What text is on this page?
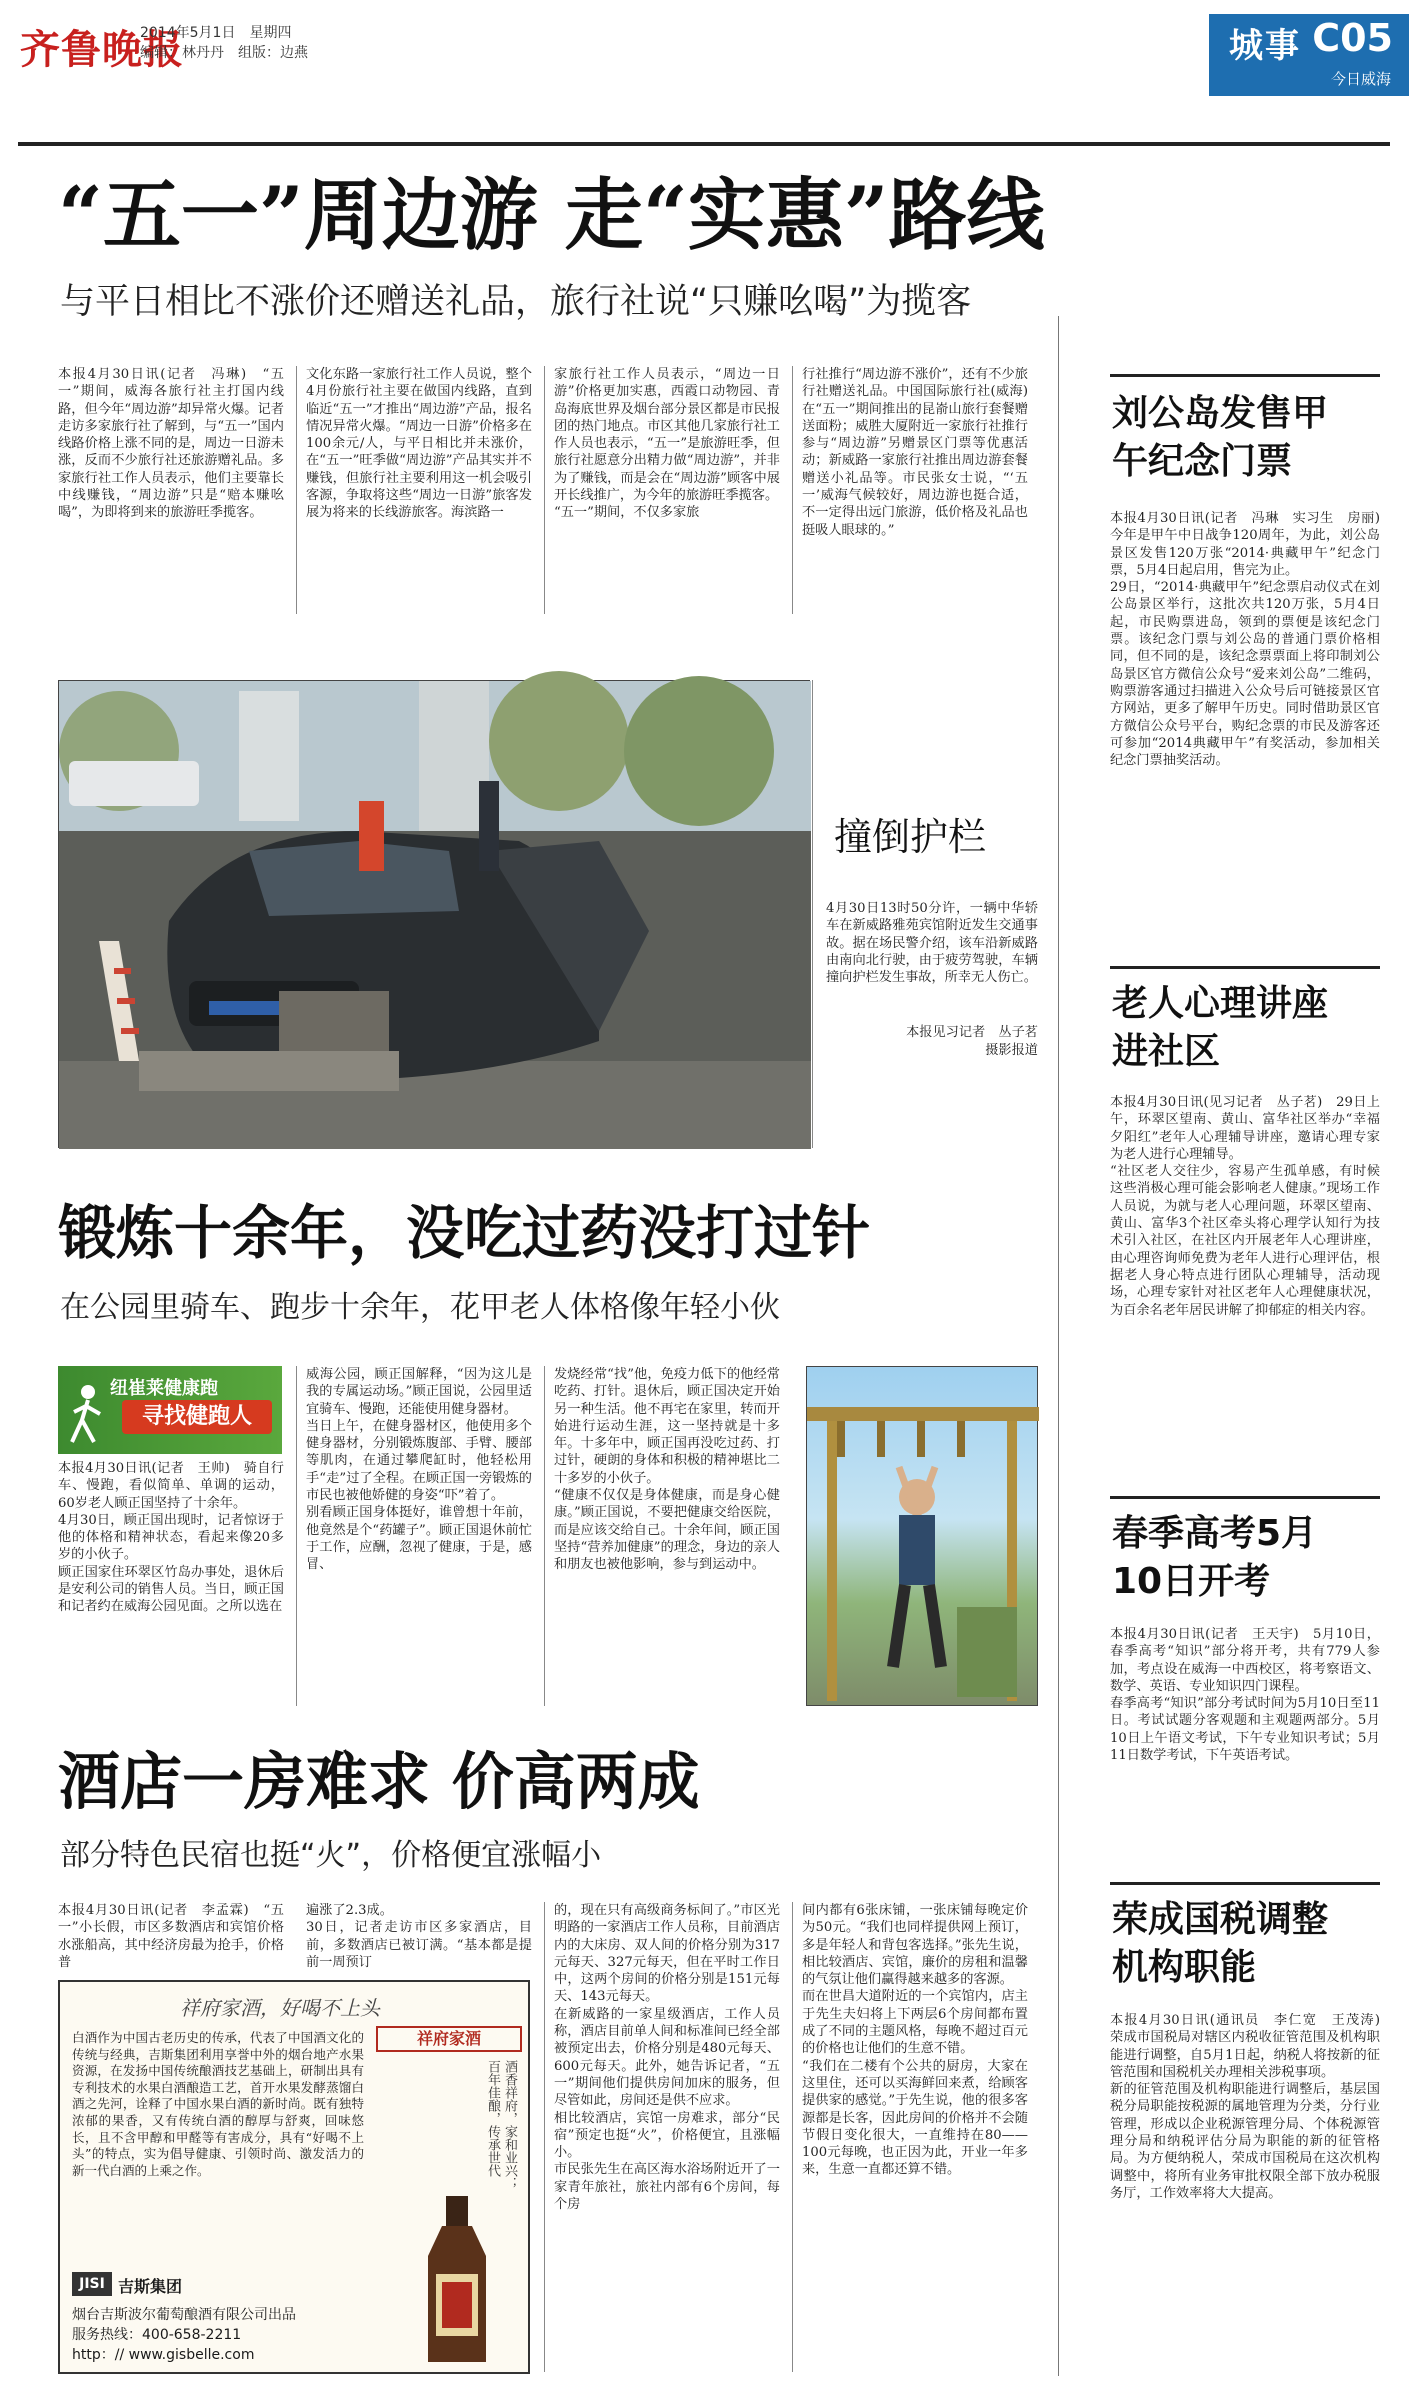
齐鲁晚报
2014年5月1日　星期四
编辑：林丹丹　组版：边燕	城事 C05
今日威海
“五一”周边游 走“实惠”路线
与平日相比不涨价还赠送礼品，旅行社说“只赚吆喝”为揽客
本报4月30日讯(记者　冯琳)　“五一”期间，威海各旅行社主打国内线路，但今年“周边游”却异常火爆。记者走访多家旅行社了解到，与“五一”国内线路价格上涨不同的是，周边一日游未涨，反而不少旅行社还旅游赠礼品。多家旅行社工作人员表示，他们主要靠长中线赚钱，“周边游”只是“赔本赚吆喝”，为即将到来的旅游旺季揽客。
文化东路一家旅行社工作人员说，整个4月份旅行社主要在做国内线路，直到临近“五一”才推出“周边游”产品，报名情况异常火爆。“周边一日游”价格多在100余元/人，与平日相比并未涨价，在“五一”旺季做“周边游”产品其实并不赚钱，但旅行社主要利用这一机会吸引客源，争取将这些“周边一日游”旅客发展为将来的长线游旅客。海滨路一
家旅行社工作人员表示，“周边一日游”价格更加实惠，西霞口动物园、青岛海底世界及烟台部分景区都是市民报团的热门地点。市区其他几家旅行社工作人员也表示，“五一”是旅游旺季，但旅行社愿意分出精力做“周边游”，并非为了赚钱，而是会在“周边游”顾客中展开长线推广，为今年的旅游旺季揽客。
“五一”期间，不仅多家旅
行社推行“周边游不涨价”，还有不少旅行社赠送礼品。中国国际旅行社(威海)在“五一”期间推出的昆嵛山旅行套餐赠送面粉；威胜大厦附近一家旅行社推行参与“周边游”另赠景区门票等优惠活动；新威路一家旅行社推出周边游套餐赠送小礼品等。市民张女士说，“‘五一’威海气候较好，周边游也挺合适，不一定得出远门旅游，低价格及礼品也挺吸人眼球的。”
撞倒护栏
4月30日13时50分许，一辆中华轿车在新威路雅苑宾馆附近发生交通事故。据在场民警介绍，该车沿新威路由南向北行驶，由于疲劳驾驶，车辆撞向护栏发生事故，所幸无人伤亡。
本报见习记者　丛子茗
摄影报道
锻炼十余年，没吃过药没打过针
在公园里骑车、跑步十余年，花甲老人体格像年轻小伙
纽崔莱健康跑
寻找健跑人
本报4月30日讯(记者　王帅)　骑自行车、慢跑，看似简单、单调的运动，60岁老人顾正国坚持了十余年。
4月30日，顾正国出现时，记者惊讶于他的体格和精神状态，看起来像20多岁的小伙子。
顾正国家住环翠区竹岛办事处，退休后是安利公司的销售人员。当日，顾正国和记者约在威海公园见面。之所以选在
威海公园，顾正国解释，“因为这儿是我的专属运动场。”顾正国说，公园里适宜骑车、慢跑，还能使用健身器材。
当日上午，在健身器材区，他使用多个健身器材，分别锻炼腹部、手臂、腰部等肌肉，在通过攀爬缸时，他轻松用手“走”过了全程。在顾正国一旁锻炼的市民也被他娇健的身姿“吓”着了。
别看顾正国身体挺好，谁曾想十年前，他竟然是个“药罐子”。顾正国退休前忙于工作，应酬，忽视了健康，于是，感冒、
发烧经常“找”他，免疫力低下的他经常吃药、打针。退休后，顾正国决定开始另一种生活。他不再宅在家里，转而开始进行运动生涯，这一坚持就是十多年。十多年中，顾正国再没吃过药、打过针，硬朗的身体和积极的精神堪比二十多岁的小伙子。
“健康不仅仅是身体健康，而是身心健康。”顾正国说，不要把健康交给医院，而是应该交给自己。十余年间，顾正国坚持“营养加健康”的理念，身边的亲人和朋友也被他影响，参与到运动中。
酒店一房难求 价高两成
部分特色民宿也挺“火”，价格便宜涨幅小
本报4月30日讯(记者　李孟霖)　“五一”小长假，市区多数酒店和宾馆价格水涨船高，其中经济房最为抢手，价格普
遍涨了2.3成。
30日，记者走访市区多家酒店，目前，多数酒店已被订满。“基本都是提前一周预订
的，现在只有高级商务标间了。”市区光明路的一家酒店工作人员称，目前酒店内的大床房、双人间的价格分别为317元每天、327元每天，但在平时工作日中，这两个房间的价格分别是151元每天、143元每天。
在新威路的一家星级酒店，工作人员称，酒店目前单人间和标准间已经全部被预定出去，价格分别是480元每天、600元每天。此外，她告诉记者，“五一”期间他们提供房间加床的服务，但尽管如此，房间还是供不应求。
相比较酒店，宾馆一房难求，部分“民宿”预定也挺“火”，价格便宜，且涨幅小。
市民张先生在高区海水浴场附近开了一家青年旅社，旅社内部有6个房间，每个房
间内都有6张床铺，一张床铺每晚定价为50元。“我们也同样提供网上预订，多是年轻人和背包客选择。”张先生说，相比较酒店、宾馆，廉价的房租和温馨的气氛让他们赢得越来越多的客源。
而在世昌大道附近的一个宾馆内，店主于先生夫妇将上下两层6个房间都布置成了不同的主题风格，每晚不超过百元的价格也让他们的生意不错。
“我们在二楼有个公共的厨房，大家在这里住，还可以买海鲜回来煮，给顾客提供家的感觉。”于先生说，他的很多客源都是长客，因此房间的价格并不会随节假日变化很大，一直维持在80——100元每晚，也正因为此，开业一年多来，生意一直都还算不错。
祥府家酒，好喝不上头
白酒作为中国古老历史的传承，代表了中国酒文化的传统与经典，吉斯集团利用享誉中外的烟台地产水果资源，在发扬中国传统酿酒技艺基础上，研制出具有专利技术的水果白酒酿造工艺，首开水果发酵蒸馏白酒之先河，诠释了中国水果白酒的新时尚。既有独特浓郁的果香，又有传统白酒的醇厚与舒爽，回味悠长，且不含甲醇和甲醛等有害成分，具有“好喝不上头”的特点，实为倡导健康、引领时尚、激发活力的新一代白酒的上乘之作。
祥府家酒
酒香祥府，家和业兴；百年佳酿，传承世代
JISI 吉斯集团
烟台吉斯波尔葡萄酿酒有限公司出品
服务热线：400-658-2211
http：// www.gisbelle.com
刘公岛发售甲午纪念门票
本报4月30日讯(记者　冯琳　实习生　房丽)　今年是甲午中日战争120周年，为此，刘公岛景区发售120万张“2014·典藏甲午”纪念门票，5月4日起启用，售完为止。
29日，“2014·典藏甲午”纪念票启动仪式在刘公岛景区举行，这批次共120万张，5月4日起，市民购票进岛，领到的票便是该纪念门票。该纪念门票与刘公岛的普通门票价格相同，但不同的是，该纪念票票面上将印制刘公岛景区官方微信公众号“爱来刘公岛”二维码，购票游客通过扫描进入公众号后可链接景区官方网站，更多了解甲午历史。同时借助景区官方微信公众号平台，购纪念票的市民及游客还可参加“2014典藏甲午”有奖活动，参加相关纪念门票抽奖活动。
老人心理讲座进社区
本报4月30日讯(见习记者　丛子茗)　29日上午，环翠区望南、黄山、富华社区举办“幸福夕阳红”老年人心理辅导讲座，邀请心理专家为老人进行心理辅导。
“社区老人交往少，容易产生孤单感，有时候这些消极心理可能会影响老人健康。”现场工作人员说，为就与老人心理问题，环翠区望南、黄山、富华3个社区牵头将心理学认知行为技术引入社区，在社区内开展老年人心理讲座，由心理咨询师免费为老年人进行心理评估，根据老人身心特点进行团队心理辅导，活动现场，心理专家针对社区老年人心理健康状况，为百余名老年居民讲解了抑郁症的相关内容。
春季高考5月10日开考
本报4月30日讯(记者　王天宇)　5月10日，春季高考“知识”部分将开考，共有779人参加，考点设在威海一中西校区，将考察语文、数学、英语、专业知识四门课程。
春季高考“知识”部分考试时间为5月10日至11日。考试试题分客观题和主观题两部分。5月10日上午语文考试，下午专业知识考试；5月11日数学考试，下午英语考试。
荣成国税调整机构职能
本报4月30日讯(通讯员　李仁宽　王茂涛)　荣成市国税局对辖区内税收征管范围及机构职能进行调整，自5月1日起，纳税人将按新的征管范围和国税机关办理相关涉税事项。
新的征管范围及机构职能进行调整后，基层国税分局职能按税源的属地管理为分类，分行业管理，形成以企业税源管理分局、个体税源管理分局和纳税评估分局为职能的新的征管格局。为方便纳税人，荣成市国税局在这次机构调整中，将所有业务审批权限全部下放办税服务厅，工作效率将大大提高。
